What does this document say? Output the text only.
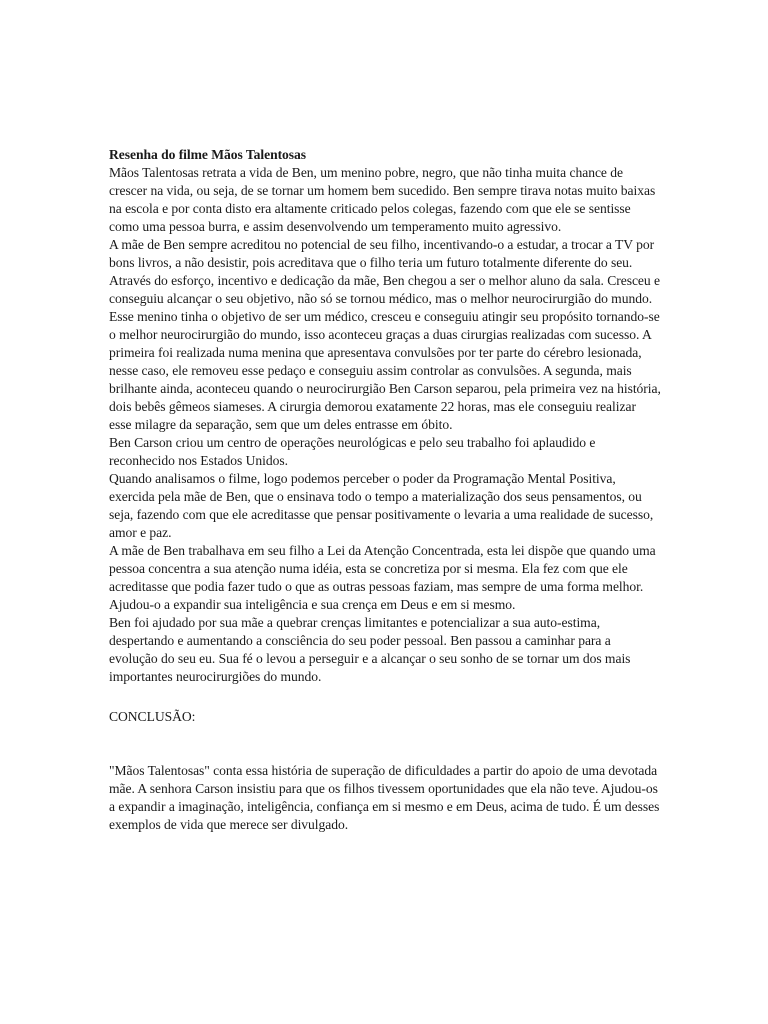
Resenha do filme Mãos Talentosas

Mãos Talentosas retrata a vida de Ben, um menino pobre, negro, que não tinha muita chance de crescer na vida, ou seja, de se tornar um homem bem sucedido. Ben sempre tirava notas muito baixas na escola e por conta disto era altamente criticado pelos colegas, fazendo com que ele se sentisse como uma pessoa burra, e assim desenvolvendo um temperamento muito agressivo.

A mãe de Ben sempre acreditou no potencial de seu filho, incentivando-o a estudar, a trocar a TV por bons livros, a não desistir, pois acreditava que o filho teria um futuro totalmente diferente do seu.

Através do esforço, incentivo e dedicação da mãe, Ben chegou a ser o melhor aluno da sala. Cresceu e conseguiu alcançar o seu objetivo, não só se tornou médico, mas o melhor neurocirurgião do mundo. Esse menino tinha o objetivo de ser um médico, cresceu e conseguiu atingir seu propósito tornando-se o melhor neurocirurgião do mundo, isso aconteceu graças a duas cirurgias realizadas com sucesso. A primeira foi realizada numa menina que apresentava convulsões por ter parte do cérebro lesionada, nesse caso, ele removeu esse pedaço e conseguiu assim controlar as convulsões. A segunda, mais brilhante ainda, aconteceu quando o neurocirurgião Ben Carson separou, pela primeira vez na história, dois bebês gêmeos siameses. A cirurgia demorou exatamente 22 horas, mas ele conseguiu realizar esse milagre da separação, sem que um deles entrasse em óbito.

Ben Carson criou um centro de operações neurológicas e pelo seu trabalho foi aplaudido e reconhecido nos Estados Unidos.

Quando analisamos o filme, logo podemos perceber o poder da Programação Mental Positiva, exercida pela mãe de Ben, que o ensinava todo o tempo a materialização dos seus pensamentos, ou seja, fazendo com que ele acreditasse que pensar positivamente o levaria a uma realidade de sucesso, amor e paz.

A mãe de Ben trabalhava em seu filho a Lei da Atenção Concentrada, esta lei dispõe que quando uma pessoa concentra a sua atenção numa idéia, esta se concretiza por si mesma. Ela fez com que ele acreditasse que podia fazer tudo o que as outras pessoas faziam, mas sempre de uma forma melhor. Ajudou-o a expandir sua inteligência e sua crença em Deus e em si mesmo.

Ben foi ajudado por sua mãe a quebrar crenças limitantes e potencializar a sua auto-estima, despertando e aumentando a consciência do seu poder pessoal. Ben passou a caminhar para a evolução do seu eu. Sua fé o levou a perseguir e a alcançar o seu sonho de se tornar um dos mais importantes neurocirurgiões do mundo.

CONCLUSÃO:

"Mãos Talentosas" conta essa história de superação de dificuldades a partir do apoio de uma devotada mãe. A senhora Carson insistiu para que os filhos tivessem oportunidades que ela não teve. Ajudou-os a expandir a imaginação, inteligência, confiança em si mesmo e em Deus, acima de tudo. É um desses exemplos de vida que merece ser divulgado.
